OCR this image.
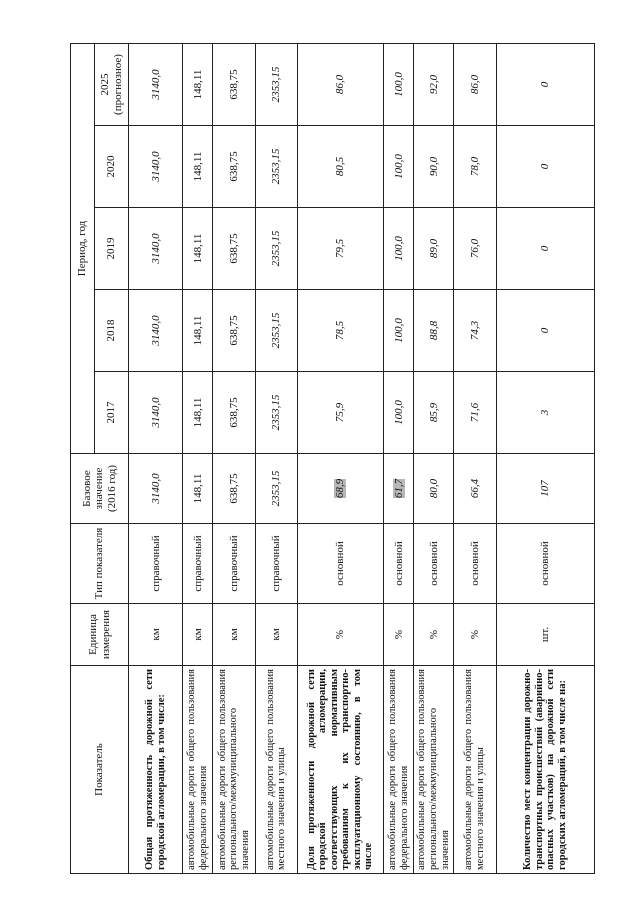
Показатель	Единица измерения	Тип показателя	Базовое значение (2016 год)	Период, год				
				2017	2018	2019	2020	2025 (прогнозное)
Общая протяженность дорожной сети городской агломерации, в том числе:	км	справочный	3140,0	3140,0	3140,0	3140,0	3140,0	3140,0
автомобильные дороги общего пользования федерального значения	км	справочный	148,11	148,11	148,11	148,11	148,11	148,11
автомобильные дороги общего пользования регионального/межмуниципального значения	км	справочный	638,75	638,75	638,75	638,75	638,75	638,75
автомобильные дороги общего пользования местного значения и улицы	км	справочный	2353,15	2353,15	2353,15	2353,15	2353,15	2353,15
Доля протяженности дорожной сети городской агломерации, соответствующих нормативным требованиям к их транспортно-эксплуатационному состоянию, в том числе	%	основной	68,9	75,9	78,5	79,5	80,5	86,0
автомобильные дороги общего пользования федерального значения	%	основной	61,7	100,0	100,0	100,0	100,0	100,0
автомобильные дороги общего пользования регионального/межмуниципального значения	%	основной	80,0	85,9	88,8	89,0	90,0	92,0
автомобильные дороги общего пользования местного значения и улицы	%	основной	66,4	71,6	74,3	76,0	78,0	86,0
Количество мест концентрации дорожно-транспортных происшествий (аварийно-опасных участков) на дорожной сети городских агломераций, в том числе на:	шт.	основной	107	3	0	0	0	0
